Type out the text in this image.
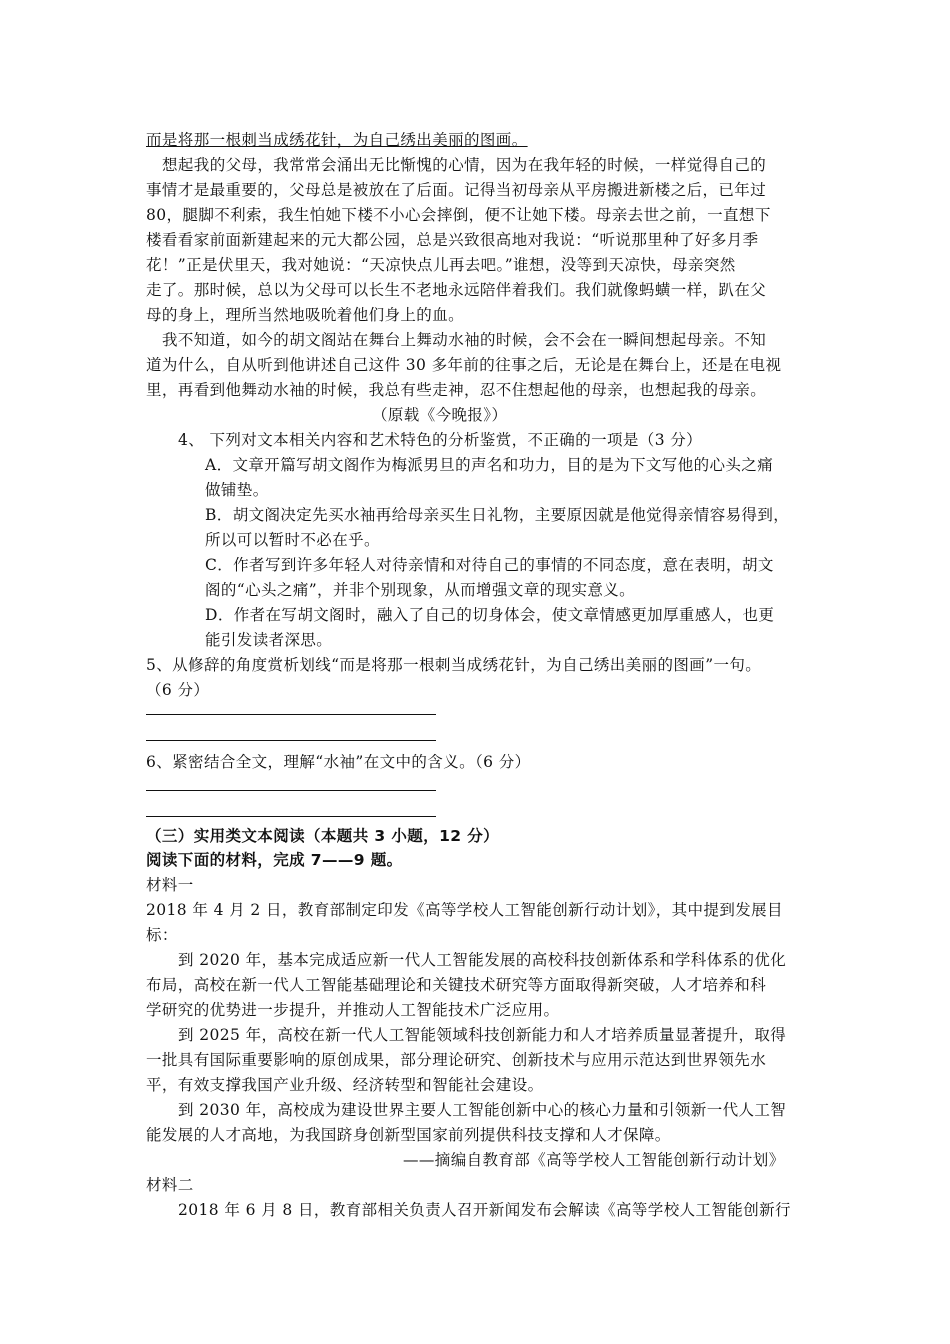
而是将那一根刺当成绣花针，为自己绣出美丽的图画。
想起我的父母，我常常会涌出无比惭愧的心情，因为在我年轻的时候，一样觉得自己的
事情才是最重要的，父母总是被放在了后面。记得当初母亲从平房搬进新楼之后，已年过
80，腿脚不利索，我生怕她下楼不小心会摔倒，便不让她下楼。母亲去世之前，一直想下
楼看看家前面新建起来的元大都公园，总是兴致很高地对我说：“听说那里种了好多月季
花！”正是伏里天，我对她说：“天凉快点儿再去吧。”谁想，没等到天凉快，母亲突然
走了。那时候，总以为父母可以长生不老地永远陪伴着我们。我们就像蚂蟥一样，趴在父
母的身上，理所当然地吸吮着他们身上的血。
我不知道，如今的胡文阁站在舞台上舞动水袖的时候，会不会在一瞬间想起母亲。不知
道为什么，自从听到他讲述自己这件 30 多年前的往事之后，无论是在舞台上，还是在电视
里，再看到他舞动水袖的时候，我总有些走神，忍不住想起他的母亲，也想起我的母亲。
（原载《今晚报》）
4、 下列对文本相关内容和艺术特色的分析鉴赏，不正确的一项是（3 分）
A．文章开篇写胡文阁作为梅派男旦的声名和功力，目的是为下文写他的心头之痛
做铺垫。
B．胡文阁决定先买水袖再给母亲买生日礼物，主要原因就是他觉得亲情容易得到，
所以可以暂时不必在乎。
C．作者写到许多年轻人对待亲情和对待自己的事情的不同态度，意在表明，胡文
阁的“心头之痛”，并非个别现象，从而增强文章的现实意义。
D．作者在写胡文阁时，融入了自己的切身体会，使文章情感更加厚重感人，也更
能引发读者深思。
5、从修辞的角度赏析划线“而是将那一根刺当成绣花针，为自己绣出美丽的图画”一句。
（6 分）
6、紧密结合全文，理解“水袖”在文中的含义。（6 分）
（三）实用类文本阅读（本题共 3 小题，12 分）
阅读下面的材料，完成 7——9 题。
材料一
2018 年 4 月 2 日，教育部制定印发《高等学校人工智能创新行动计划》，其中提到发展目
标：
到 2020 年，基本完成适应新一代人工智能发展的高校科技创新体系和学科体系的优化
布局，高校在新一代人工智能基础理论和关键技术研究等方面取得新突破，人才培养和科
学研究的优势进一步提升，并推动人工智能技术广泛应用。
到 2025 年，高校在新一代人工智能领域科技创新能力和人才培养质量显著提升，取得
一批具有国际重要影响的原创成果，部分理论研究、创新技术与应用示范达到世界领先水
平，有效支撑我国产业升级、经济转型和智能社会建设。
到 2030 年，高校成为建设世界主要人工智能创新中心的核心力量和引领新一代人工智
能发展的人才高地，为我国跻身创新型国家前列提供科技支撑和人才保障。
——摘编自教育部《高等学校人工智能创新行动计划》
材料二
2018 年 6 月 8 日，教育部相关负责人召开新闻发布会解读《高等学校人工智能创新行
